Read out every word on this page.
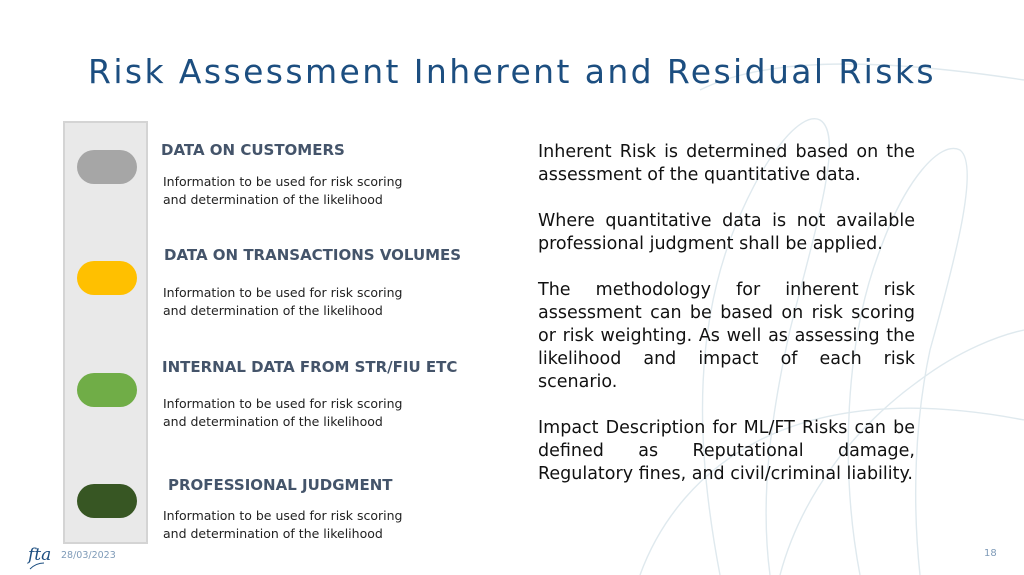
Risk Assessment Inherent and Residual Risks
DATA ON CUSTOMERS
Information to be used for risk scoring
and determination of the likelihood
DATA ON TRANSACTIONS VOLUMES
Information to be used for risk scoring
and determination of the likelihood
INTERNAL DATA FROM STR/FIU ETC
Information to be used for risk scoring
and determination of the likelihood
PROFESSIONAL JUDGMENT
Information to be used for risk scoring
and determination of the likelihood

Inherent Risk is determined based on the assessment of the quantitative data.

Where quantitative data is not available professional judgment shall be applied.

The methodology for inherent risk assessment can be based on risk scoring or risk weighting. As well as assessing the likelihood and impact of each risk scenario.

Impact Description for ML/FT Risks can be defined as Reputational damage, Regulatory fines, and civil/criminal liability.

fta 28/03/2023	18
